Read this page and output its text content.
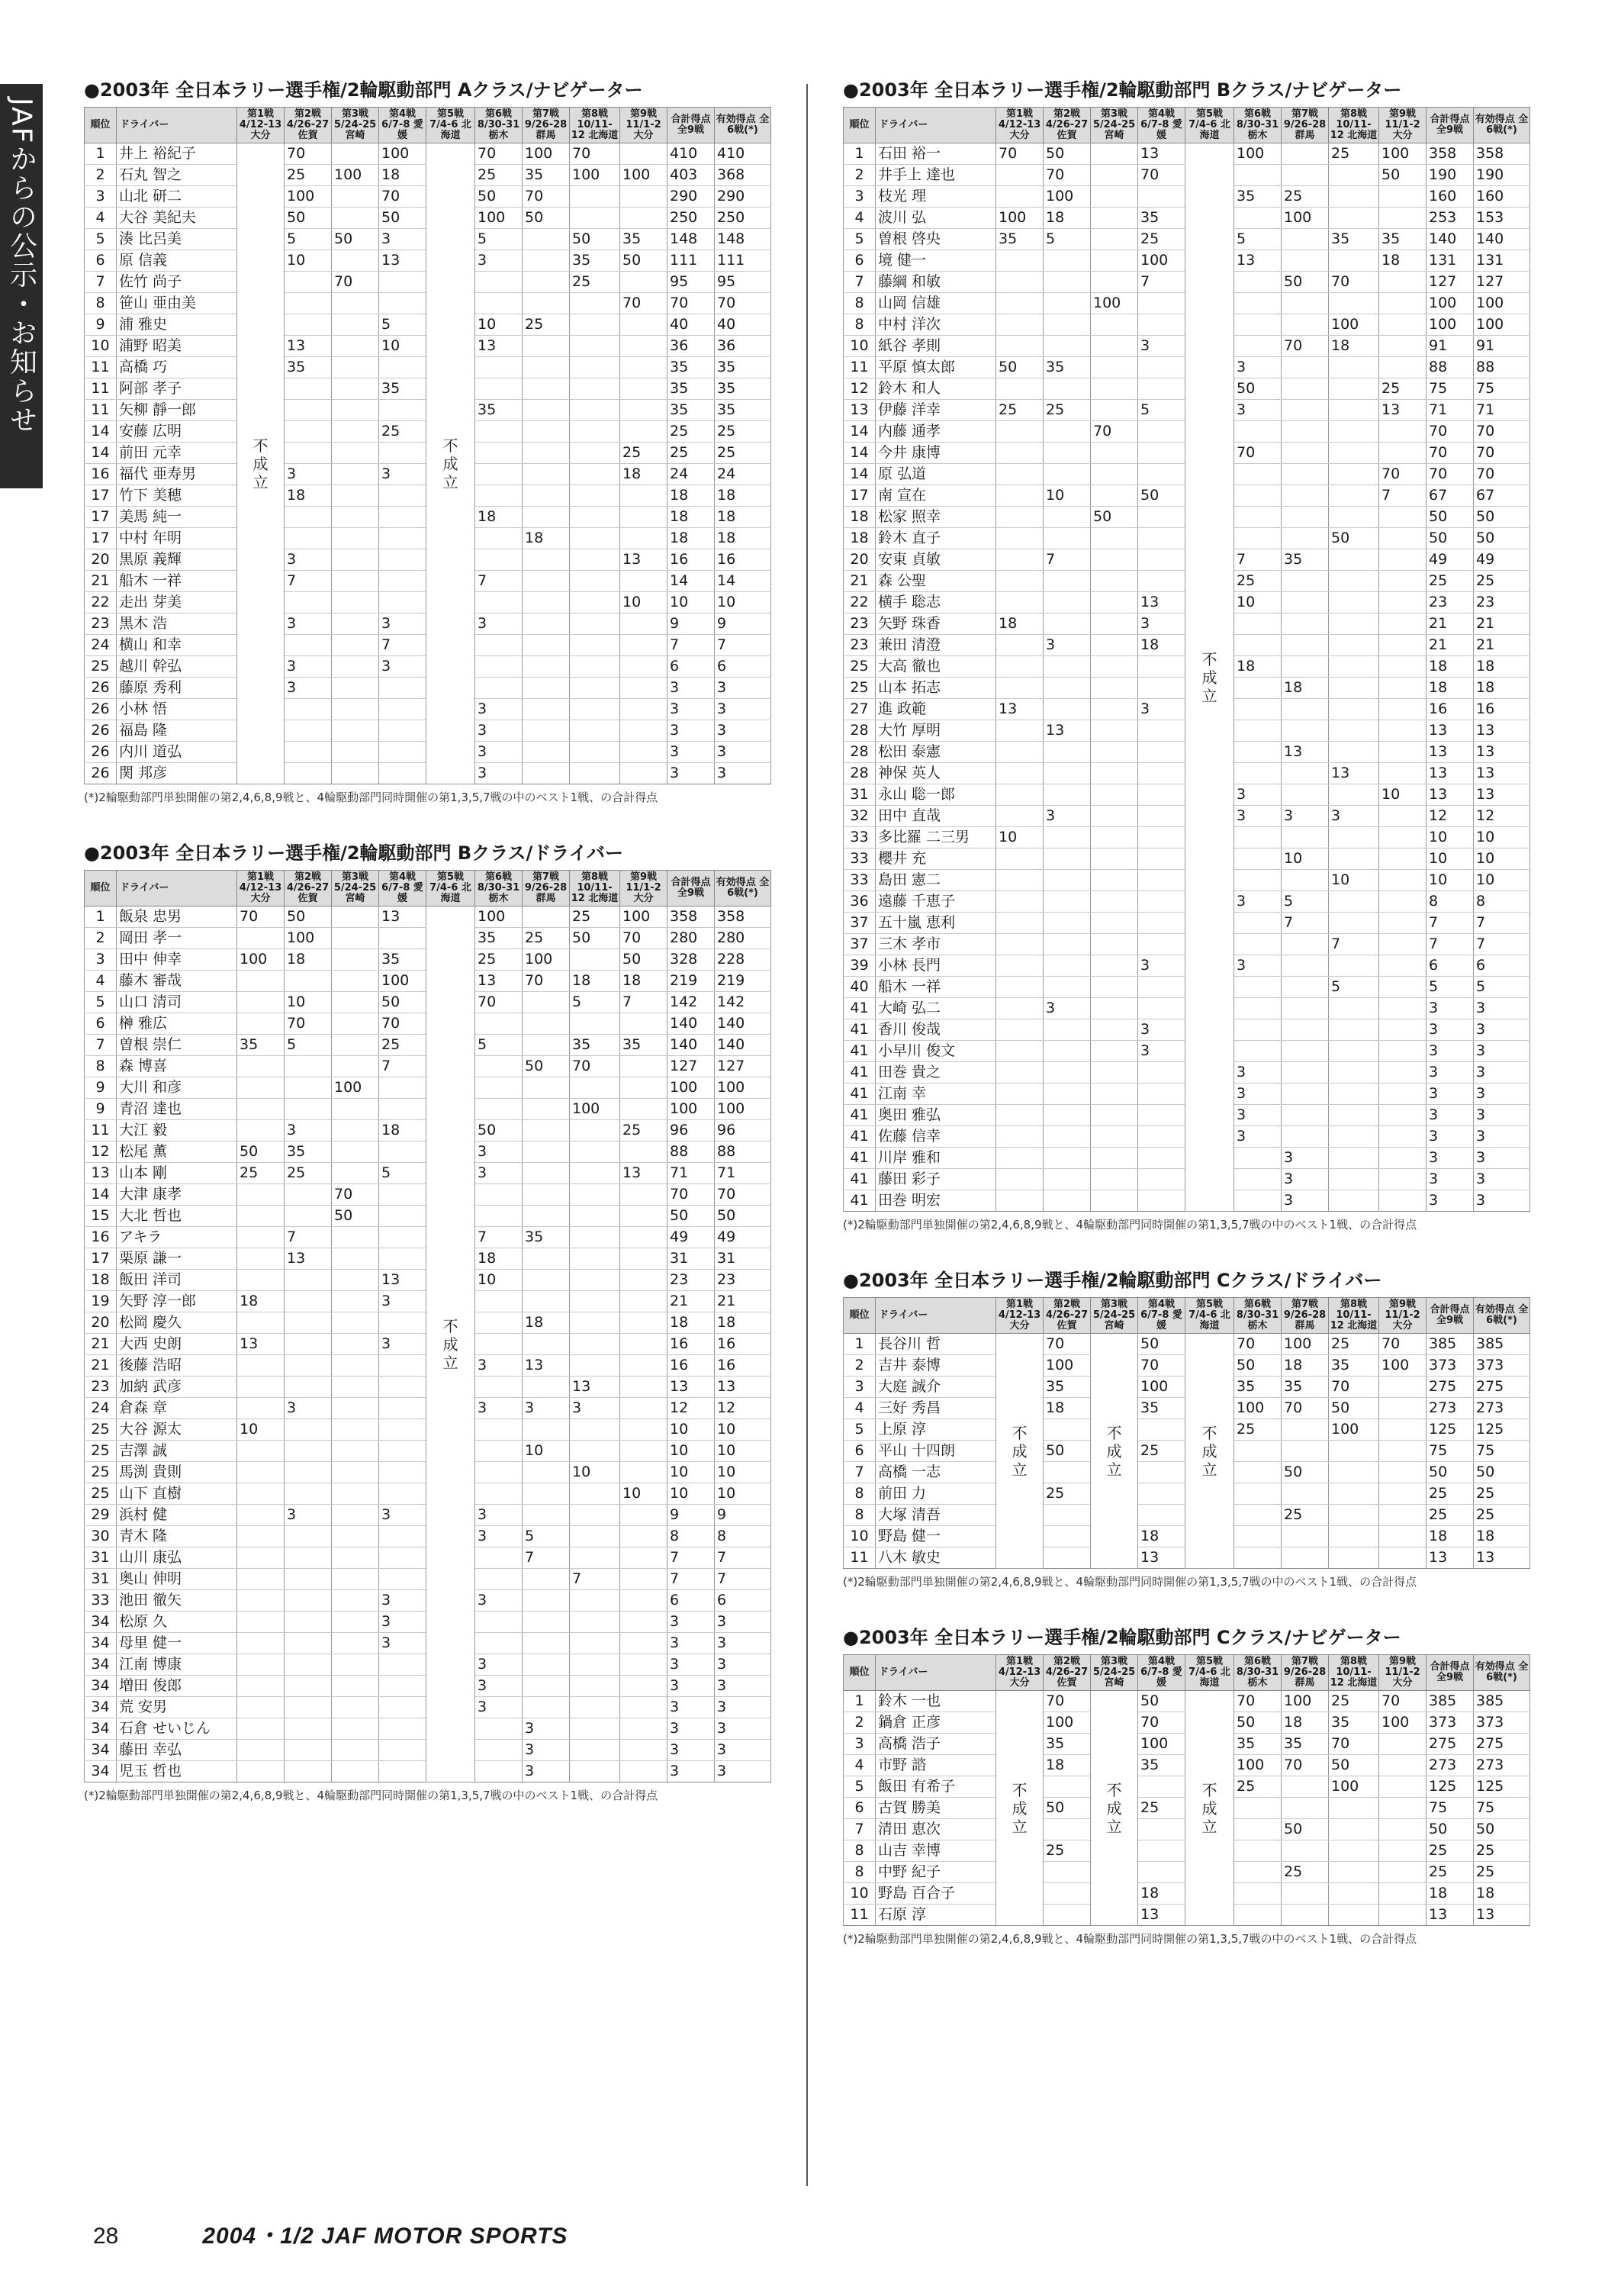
JAFからの公示・お知らせ
●2003年 全日本ラリー選手権/2輪駆動部門 Aクラス/ナビゲーター
順位	ドライバー	第1戦 4/12-13 大分	第2戦 4/26-27 佐賀	第3戦 5/24-25 宮崎	第4戦 6/7-8 愛媛	第5戦 7/4-6 北海道	第6戦 8/30-31 栃木	第7戦 9/26-28 群馬	第8戦 10/11-12 北海道	第9戦 11/1-2 大分	合計得点 全9戦	有効得点 全6戦(*)
1	井上 裕紀子	不成立	70		100	不成立	70	100	70		410	410
2	石丸 智之		25	100	18		25	35	100	100	403	368
3	山北 研二		100		70		50	70			290	290
4	大谷 美紀夫		50		50		100	50			250	250
5	湊 比呂美		5	50	3		5		50	35	148	148
6	原 信義		10		13		3		35	50	111	111
7	佐竹 尚子			70					25		95	95
8	笹山 亜由美									70	70	70
9	浦 雅史				5		10	25			40	40
10	浦野 昭美		13		10		13				36	36
11	高橋 巧		35								35	35
11	阿部 孝子				35						35	35
11	矢柳 靜一郎						35				35	35
14	安藤 広明				25						25	25
14	前田 元幸									25	25	25
16	福代 亜寿男		3		3					18	24	24
17	竹下 美穂		18								18	18
17	美馬 純一						18				18	18
17	中村 年明							18			18	18
20	黒原 義輝		3							13	16	16
21	船木 一祥		7				7				14	14
22	走出 芽美									10	10	10
23	黒木 浩		3		3		3				9	9
24	横山 和幸				7						7	7
25	越川 幹弘		3		3						6	6
26	藤原 秀利		3								3	3
26	小林 悟						3				3	3
26	福島 隆						3				3	3
26	内川 道弘						3				3	3
26	関 邦彦						3				3	3
(*)2輪駆動部門単独開催の第2,4,6,8,9戦と、4輪駆動部門同時開催の第1,3,5,7戦の中のベスト1戦、の合計得点
●2003年 全日本ラリー選手権/2輪駆動部門 Bクラス/ドライバー
順位	ドライバー	第1戦 4/12-13 大分	第2戦 4/26-27 佐賀	第3戦 5/24-25 宮崎	第4戦 6/7-8 愛媛	第5戦 7/4-6 北海道	第6戦 8/30-31 栃木	第7戦 9/26-28 群馬	第8戦 10/11-12 北海道	第9戦 11/1-2 大分	合計得点 全9戦	有効得点 全6戦(*)
1	飯泉 忠男	70	50		13	不成立	100		25	100	358	358
2	岡田 孝一		100				35	25	50	70	280	280
3	田中 伸幸	100	18		35		25	100		50	328	228
4	藤木 審哉				100		13	70	18	18	219	219
5	山口 清司		10		50		70		5	7	142	142
6	榊 雅広		70		70						140	140
7	曽根 崇仁	35	5		25		5		35	35	140	140
8	森 博喜				7			50	70		127	127
9	大川 和彦			100							100	100
9	青沼 達也								100		100	100
11	大江 毅		3		18		50			25	96	96
12	松尾 薫	50	35				3				88	88
13	山本 剛	25	25		5		3			13	71	71
14	大津 康孝			70							70	70
15	大北 哲也			50							50	50
16	アキラ		7				7	35			49	49
17	栗原 謙一		13				18				31	31
18	飯田 洋司				13		10				23	23
19	矢野 淳一郎	18			3						21	21
20	松岡 慶久							18			18	18
21	大西 史朗	13			3						16	16
21	後藤 浩昭						3	13			16	16
23	加納 武彦								13		13	13
24	倉森 章		3				3	3	3		12	12
25	大谷 源太	10									10	10
25	吉澤 誠							10			10	10
25	馬渕 貴則								10		10	10
25	山下 直樹									10	10	10
29	浜村 健		3		3		3				9	9
30	青木 隆						3	5			8	8
31	山川 康弘							7			7	7
31	奥山 伸明								7		7	7
33	池田 徹矢				3		3				6	6
34	松原 久				3						3	3
34	母里 健一				3						3	3
34	江南 博康						3				3	3
34	増田 俊郎						3				3	3
34	荒 安男						3				3	3
34	石倉 せいじん							3			3	3
34	藤田 幸弘							3			3	3
34	児玉 哲也							3			3	3
(*)2輪駆動部門単独開催の第2,4,6,8,9戦と、4輪駆動部門同時開催の第1,3,5,7戦の中のベスト1戦、の合計得点
●2003年 全日本ラリー選手権/2輪駆動部門 Bクラス/ナビゲーター
順位	ドライバー	第1戦 4/12-13 大分	第2戦 4/26-27 佐賀	第3戦 5/24-25 宮崎	第4戦 6/7-8 愛媛	第5戦 7/4-6 北海道	第6戦 8/30-31 栃木	第7戦 9/26-28 群馬	第8戦 10/11-12 北海道	第9戦 11/1-2 大分	合計得点 全9戦	有効得点 全6戦(*)
1	石田 裕一	70	50		13	不成立	100		25	100	358	358
2	井手上 達也		70		70					50	190	190
3	枝光 理		100				35	25			160	160
4	波川 弘	100	18		35			100			253	153
5	曽根 啓央	35	5		25		5		35	35	140	140
6	境 健一				100		13			18	131	131
7	藤綱 和敏				7			50	70		127	127
8	山岡 信雄			100							100	100
8	中村 洋次								100		100	100
10	紙谷 孝則				3			70	18		91	91
11	平原 慎太郎	50	35				3				88	88
12	鈴木 和人						50			25	75	75
13	伊藤 洋幸	25	25		5		3			13	71	71
14	内藤 通孝			70							70	70
14	今井 康博						70				70	70
14	原 弘道									70	70	70
17	南 宣在		10		50					7	67	67
18	松家 照幸			50							50	50
18	鈴木 直子								50		50	50
20	安東 貞敏		7				7	35			49	49
21	森 公聖						25				25	25
22	横手 聡志				13		10				23	23
23	矢野 珠香	18			3						21	21
23	兼田 清澄		3		18						21	21
25	大高 徹也						18				18	18
25	山本 拓志							18			18	18
27	進 政範	13			3						16	16
28	大竹 厚明		13								13	13
28	松田 泰憲							13			13	13
28	神保 英人								13		13	13
31	永山 聡一郎						3			10	13	13
32	田中 直哉		3				3	3	3		12	12
33	多比羅 二三男	10									10	10
33	櫻井 充							10			10	10
33	島田 憲二								10		10	10
36	遠藤 千恵子						3	5			8	8
37	五十嵐 恵利							7			7	7
37	三木 孝市								7		7	7
39	小林 長門				3		3				6	6
40	船木 一祥								5		5	5
41	大崎 弘二		3								3	3
41	香川 俊哉				3						3	3
41	小早川 俊文				3						3	3
41	田巻 貴之						3				3	3
41	江南 幸						3				3	3
41	奥田 雅弘						3				3	3
41	佐藤 信幸						3				3	3
41	川岸 雅和							3			3	3
41	藤田 彩子							3			3	3
41	田巻 明宏							3			3	3
(*)2輪駆動部門単独開催の第2,4,6,8,9戦と、4輪駆動部門同時開催の第1,3,5,7戦の中のベスト1戦、の合計得点
●2003年 全日本ラリー選手権/2輪駆動部門 Cクラス/ドライバー
順位	ドライバー	第1戦 4/12-13 大分	第2戦 4/26-27 佐賀	第3戦 5/24-25 宮崎	第4戦 6/7-8 愛媛	第5戦 7/4-6 北海道	第6戦 8/30-31 栃木	第7戦 9/26-28 群馬	第8戦 10/11-12 北海道	第9戦 11/1-2 大分	合計得点 全9戦	有効得点 全6戦(*)
1	長谷川 哲	不成立	70	不成立	50	不成立	70	100	25	70	385	385
2	吉井 泰博		100		70		50	18	35	100	373	373
3	大庭 誠介		35		100		35	35	70		275	275
4	三好 秀昌		18		35		100	70	50		273	273
5	上原 淳						25		100		125	125
6	平山 十四朗		50		25						75	75
7	高橋 一志							50			50	50
8	前田 力		25								25	25
8	大塚 清吾							25			25	25
10	野島 健一				18						18	18
11	八木 敏史				13						13	13
(*)2輪駆動部門単独開催の第2,4,6,8,9戦と、4輪駆動部門同時開催の第1,3,5,7戦の中のベスト1戦、の合計得点
●2003年 全日本ラリー選手権/2輪駆動部門 Cクラス/ナビゲーター
順位	ドライバー	第1戦 4/12-13 大分	第2戦 4/26-27 佐賀	第3戦 5/24-25 宮崎	第4戦 6/7-8 愛媛	第5戦 7/4-6 北海道	第6戦 8/30-31 栃木	第7戦 9/26-28 群馬	第8戦 10/11-12 北海道	第9戦 11/1-2 大分	合計得点 全9戦	有効得点 全6戦(*)
1	鈴木 一也	不成立	70	不成立	50	不成立	70	100	25	70	385	385
2	鍋倉 正彦		100		70		50	18	35	100	373	373
3	高橋 浩子		35		100		35	35	70		275	275
4	市野 諮		18		35		100	70	50		273	273
5	飯田 有希子						25		100		125	125
6	古賀 勝美		50		25						75	75
7	清田 恵次							50			50	50
8	山吉 幸博		25								25	25
8	中野 紀子							25			25	25
10	野島 百合子				18						18	18
11	石原 淳				13						13	13
(*)2輪駆動部門単独開催の第2,4,6,8,9戦と、4輪駆動部門同時開催の第1,3,5,7戦の中のベスト1戦、の合計得点
28	2004・1/2 JAF MOTOR SPORTS
